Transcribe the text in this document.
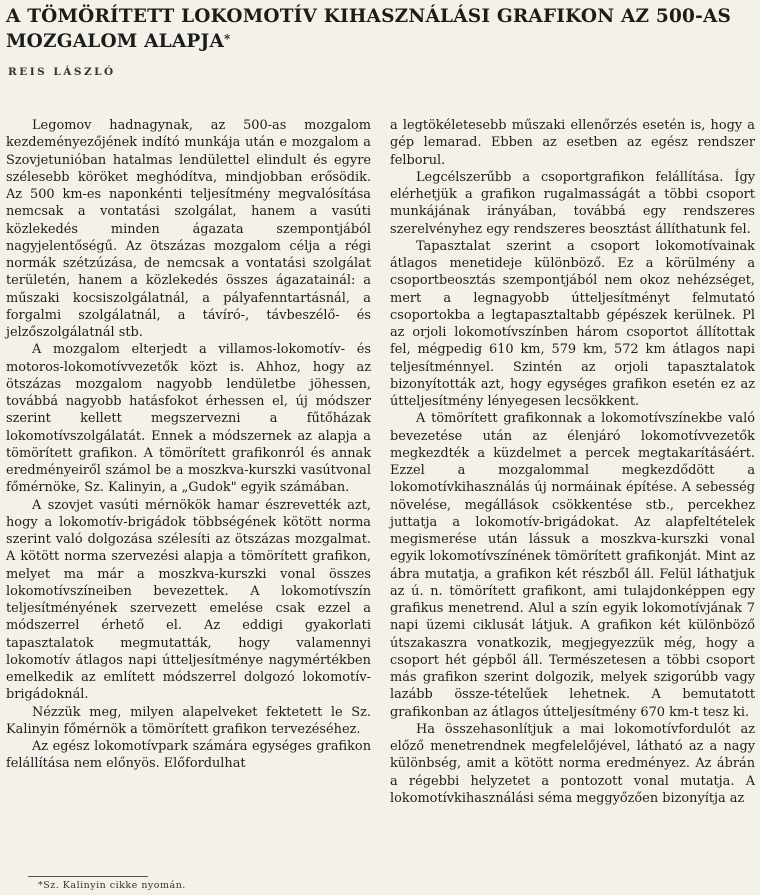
A TÖMÖRÍTETT LOKOMOTÍV KIHASZNÁLÁSI GRAFIKON AZ 500-AS MOZGALOM ALAPJA*
REIS LÁSZLÓ

Legomov hadnagynak, az 500-as mozgalom kezdeményezőjének indító munkája után e mozgalom a Szovjetunióban hatalmas lendülettel elindult és egyre szélesebb köröket meghódítva, mindjobban erősödik. Az 500 km-es naponkénti teljesítmény megvalósítása nemcsak a vontatási szolgálat, hanem a vasúti közlekedés minden ágazata szempontjából nagyjelentőségű. Az ötszázas mozgalom célja a régi normák szétzúzása, de nemcsak a vontatási szolgálat területén, hanem a közlekedés összes ágazatainál: a műszaki kocsiszolgálatnál, a pályafenntartásnál, a forgalmi szolgálatnál, a távíró-, távbeszélő- és jelzőszolgálatnál stb.

A mozgalom elterjedt a villamos-lokomotív- és motoros-lokomotívvezetők közt is. Ahhoz, hogy az ötszázas mozgalom nagyobb lendületbe jöhessen, továbbá nagyobb hatásfokot érhessen el, új módszer szerint kellett megszervezni a fűtőházak lokomotívszolgálatát. Ennek a módszernek az alapja a tömörített grafikon. A tömörített grafikonról és annak eredményeiről számol be a moszkva-kurszki vasútvonal főmérnöke, Sz. Kalinyin, a „Gudok" egyik számában.

A szovjet vasúti mérnökök hamar észrevették azt, hogy a lokomotív-brigádok többségének kötött norma szerint való dolgozása szélesíti az ötszázas mozgalmat. A kötött norma szervezési alapja a tömörített grafikon, melyet ma már a moszkva-kurszki vonal összes lokomotívszíneiben bevezettek. A lokomotívszín teljesítményének szervezett emelése csak ezzel a módszerrel érhető el. Az eddigi gyakorlati tapasztalatok megmutatták, hogy valamennyi lokomotív átlagos napi útteljesítménye nagymértékben emelkedik az említett módszerrel dolgozó lokomotív-brigádoknál.

Nézzük meg, milyen alapelveket fektetett le Sz. Kalinyin főmérnök a tömörített grafikon tervezéséhez.

Az egész lokomotívpark számára egységes grafikon felállítása nem előnyös. Előfordulhat

a legtökéletesebb műszaki ellenőrzés esetén is, hogy a gép lemarad. Ebben az esetben az egész rendszer felborul.

Legcélszerűbb a csoportgrafikon felállítása. Így elérhetjük a grafikon rugalmasságát a többi csoport munkájának irányában, továbbá egy rendszeres szerelvényhez egy rendszeres beosztást állíthatunk fel.

Tapasztalat szerint a csoport lokomotívainak átlagos menetideje különböző. Ez a körülmény a csoportbeosztás szempontjából nem okoz nehézséget, mert a legnagyobb útteljesítményt felmutató csoportokba a legtapasztaltabb gépészek kerülnek. Pl az orjoli lokomotívszínben három csoportot állítottak fel, mégpedig 610 km, 579 km, 572 km átlagos napi teljesítménnyel. Szintén az orjoli tapasztalatok bizonyították azt, hogy egységes grafikon esetén ez az útteljesítmény lényegesen lecsökkent.

A tömörített grafikonnak a lokomotívszínekbe való bevezetése után az élenjáró lokomotívvezetők megkezdték a küzdelmet a percek megtakarításáért. Ezzel a mozgalommal megkezdődött a lokomotívkihasználás új normáinak építése. A sebesség növelése, megállások csökkentése stb., percekhez juttatja a lokomotív-brigádokat. Az alapfeltételek megismerése után lássuk a moszkva-kurszki vonal egyik lokomotívszínének tömörített grafikonját. Mint az ábra mutatja, a grafikon két részből áll. Felül láthatjuk az ú. n. tömörített grafikont, ami tulajdonképpen egy grafikus menetrend. Alul a szín egyik lokomotívjának 7 napi üzemi ciklusát látjuk. A grafikon két különböző útszakaszra vonatkozik, megjegyezzük még, hogy a csoport hét gépből áll. Természetesen a többi csoport más grafikon szerint dolgozik, melyek szigorúbb vagy lazább össze-tételűek lehetnek. A bemutatott grafikonban az átlagos útteljesítmény 670 km-t tesz ki.

Ha összehasonlítjuk a mai lokomotívfordulót az előző menetrendnek megfelelőjével, látható az a nagy különbség, amit a kötött norma eredményez. Az ábrán a régebbi helyzetet a pontozott vonal mutatja. A lokomotívkihasználási séma meggyőzően bizonyítja az

*Sz. Kalinyin cikke nyomán.
